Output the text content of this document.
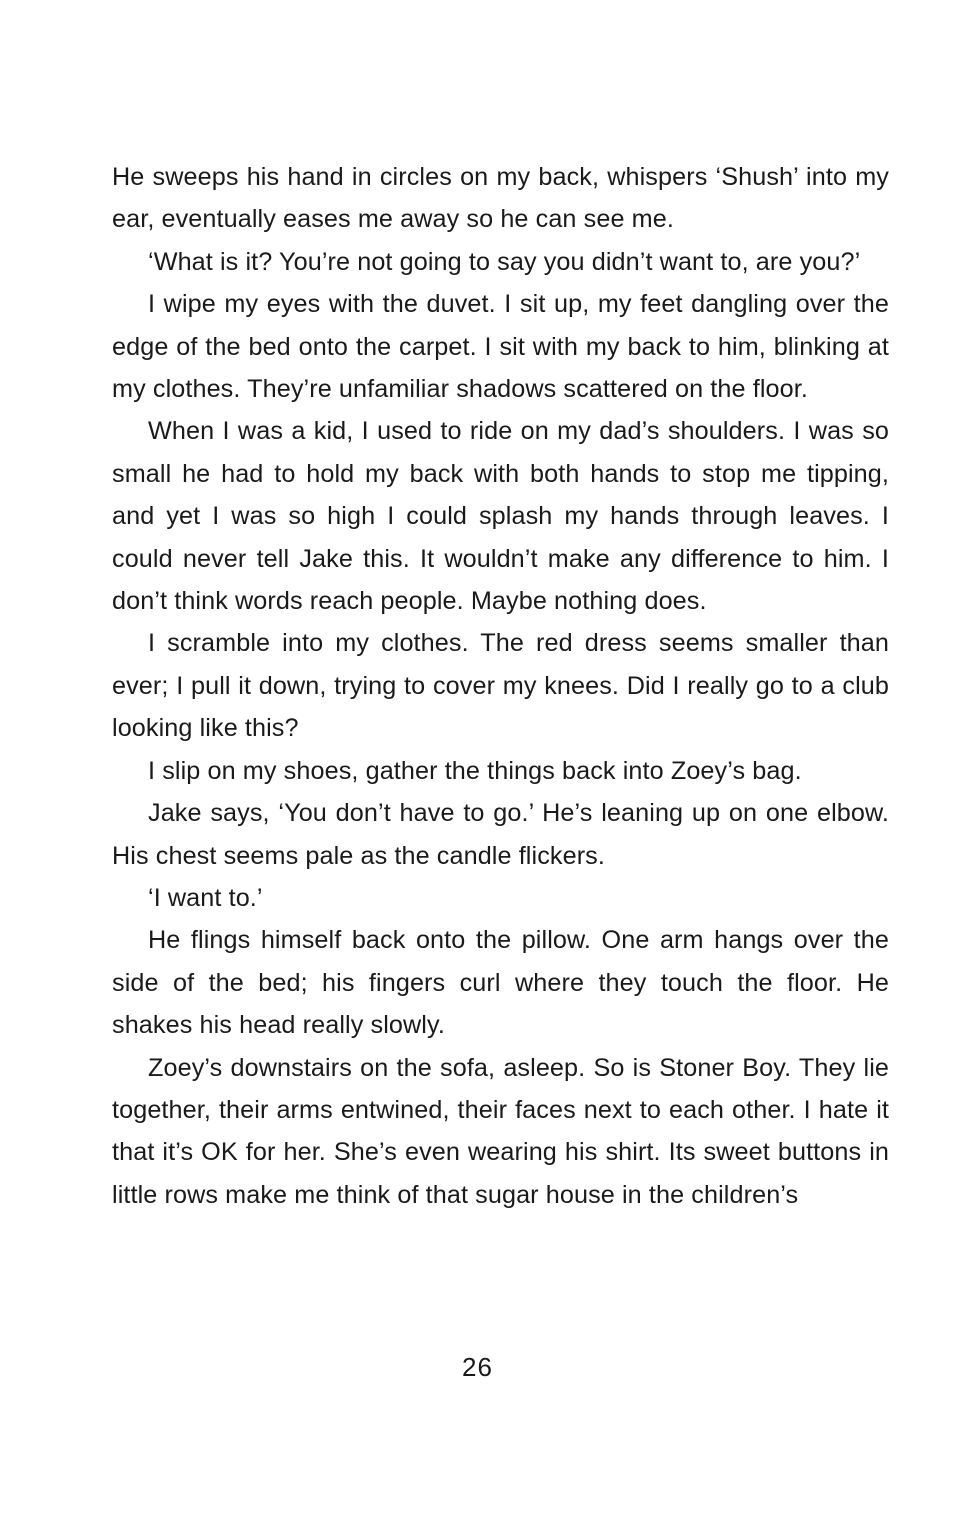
He sweeps his hand in circles on my back, whispers ‘Shush’ into my ear, eventually eases me away so he can see me.

‘What is it? You’re not going to say you didn’t want to, are you?’

I wipe my eyes with the duvet. I sit up, my feet dangling over the edge of the bed onto the carpet. I sit with my back to him, blinking at my clothes. They’re unfamiliar shadows scattered on the floor.

When I was a kid, I used to ride on my dad’s shoulders. I was so small he had to hold my back with both hands to stop me tipping, and yet I was so high I could splash my hands through leaves. I could never tell Jake this. It wouldn’t make any difference to him. I don’t think words reach people. Maybe nothing does.

I scramble into my clothes. The red dress seems smaller than ever; I pull it down, trying to cover my knees. Did I really go to a club looking like this?

I slip on my shoes, gather the things back into Zoey’s bag.

Jake says, ‘You don’t have to go.’ He’s leaning up on one elbow. His chest seems pale as the candle flickers.

‘I want to.’

He flings himself back onto the pillow. One arm hangs over the side of the bed; his fingers curl where they touch the floor. He shakes his head really slowly.

Zoey’s downstairs on the sofa, asleep. So is Stoner Boy. They lie together, their arms entwined, their faces next to each other. I hate it that it’s OK for her. She’s even wearing his shirt. Its sweet buttons in little rows make me think of that sugar house in the children’s

26
